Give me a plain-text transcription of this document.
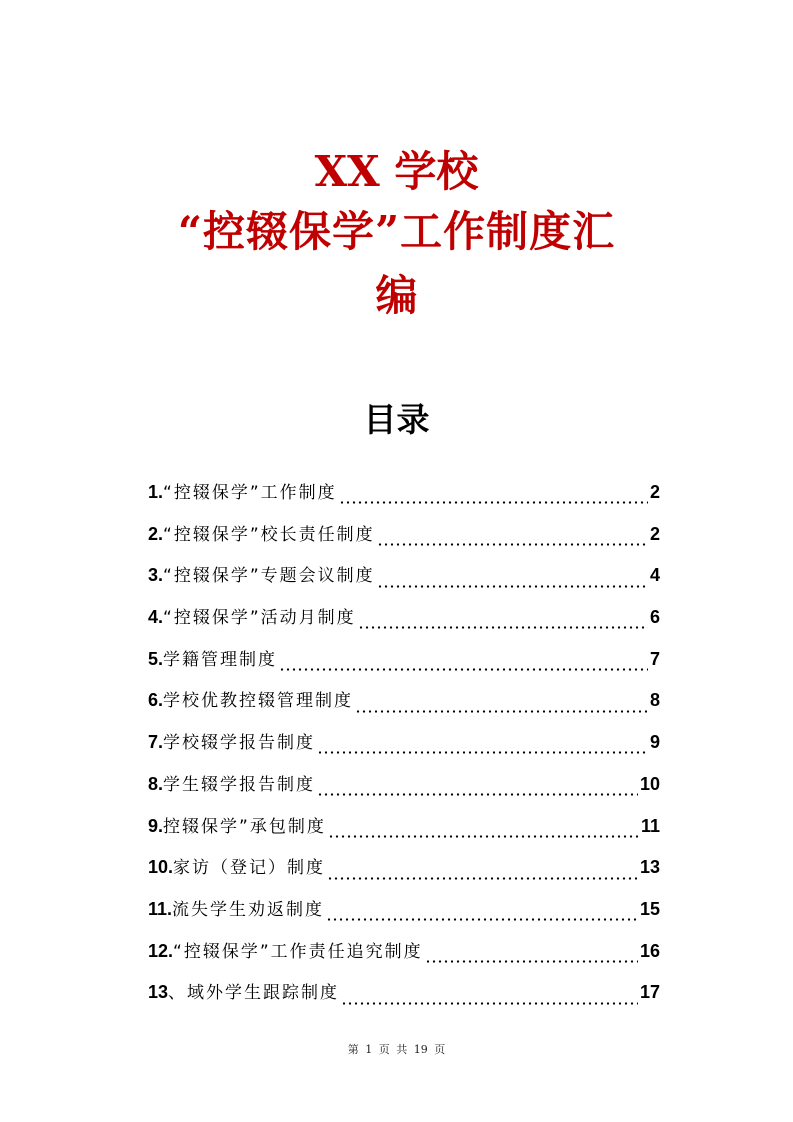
XX 学校
“控辍保学”工作制度汇
编
目录
1. “控辍保学”工作制度	2
2. “控辍保学”校长责任制度	2
3. “控辍保学”专题会议制度	4
4. “控辍保学”活动月制度	6
5. 学籍管理制度	7
6. 学校优教控辍管理制度	8
7. 学校辍学报告制度	9
8. 学生辍学报告制度	10
9. 控辍保学”承包制度	11
10. 家访（登记）制度	13
11. 流失学生劝返制度	15
12. “控辍保学”工作责任追究制度	16
13 、域外学生跟踪制度	17
第 1 页 共 19 页
